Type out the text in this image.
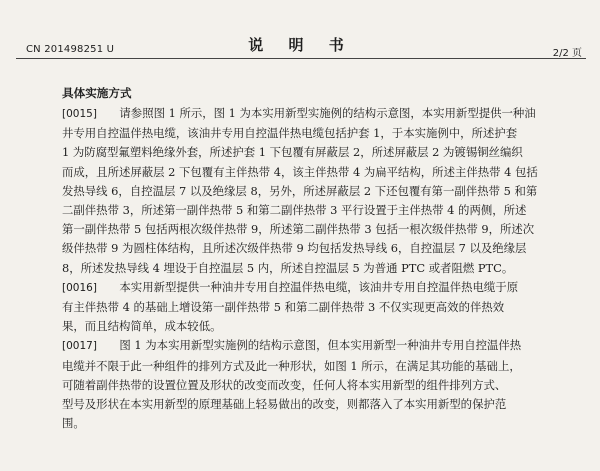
CN 201498251 U	说 明 书	2/2 页
具体实施方式
[0015] 请参照图 1 所示，图 1 为本实用新型实施例的结构示意图，本实用新型提供一种油
井专用自控温伴热电缆，该油井专用自控温伴热电缆包括护套 1，于本实施例中，所述护套
1 为防腐型氟塑料绝缘外套，所述护套 1 下包覆有屏蔽层 2，所述屏蔽层 2 为镀锡铜丝编织
而成，且所述屏蔽层 2 下包覆有主伴热带 4，该主伴热带 4 为扁平结构，所述主伴热带 4 包括
发热导线 6，自控温层 7 以及绝缘层 8，另外，所述屏蔽层 2 下还包覆有第一副伴热带 5 和第
二副伴热带 3，所述第一副伴热带 5 和第二副伴热带 3 平行设置于主伴热带 4 的两侧，所述
第一副伴热带 5 包括两根次级伴热带 9，所述第二副伴热带 3 包括一根次级伴热带 9，所述次
级伴热带 9 为圆柱体结构，且所述次级伴热带 9 均包括发热导线 6，自控温层 7 以及绝缘层
8，所述发热导线 4 埋设于自控温层 5 内，所述自控温层 5 为普通 PTC 或者阻燃 PTC。
[0016] 本实用新型提供一种油井专用自控温伴热电缆，该油井专用自控温伴热电缆于原
有主伴热带 4 的基础上增设第一副伴热带 5 和第二副伴热带 3 不仅实现更高效的伴热效
果，而且结构简单，成本较低。
[0017] 图 1 为本实用新型实施例的结构示意图，但本实用新型一种油井专用自控温伴热
电缆并不限于此一种组件的排列方式及此一种形状，如图 1 所示，在满足其功能的基础上，
可随着副伴热带的设置位置及形状的改变而改变，任何人将本实用新型的组件排列方式、
型号及形状在本实用新型的原理基础上轻易做出的改变，则都落入了本实用新型的保护范
围。
